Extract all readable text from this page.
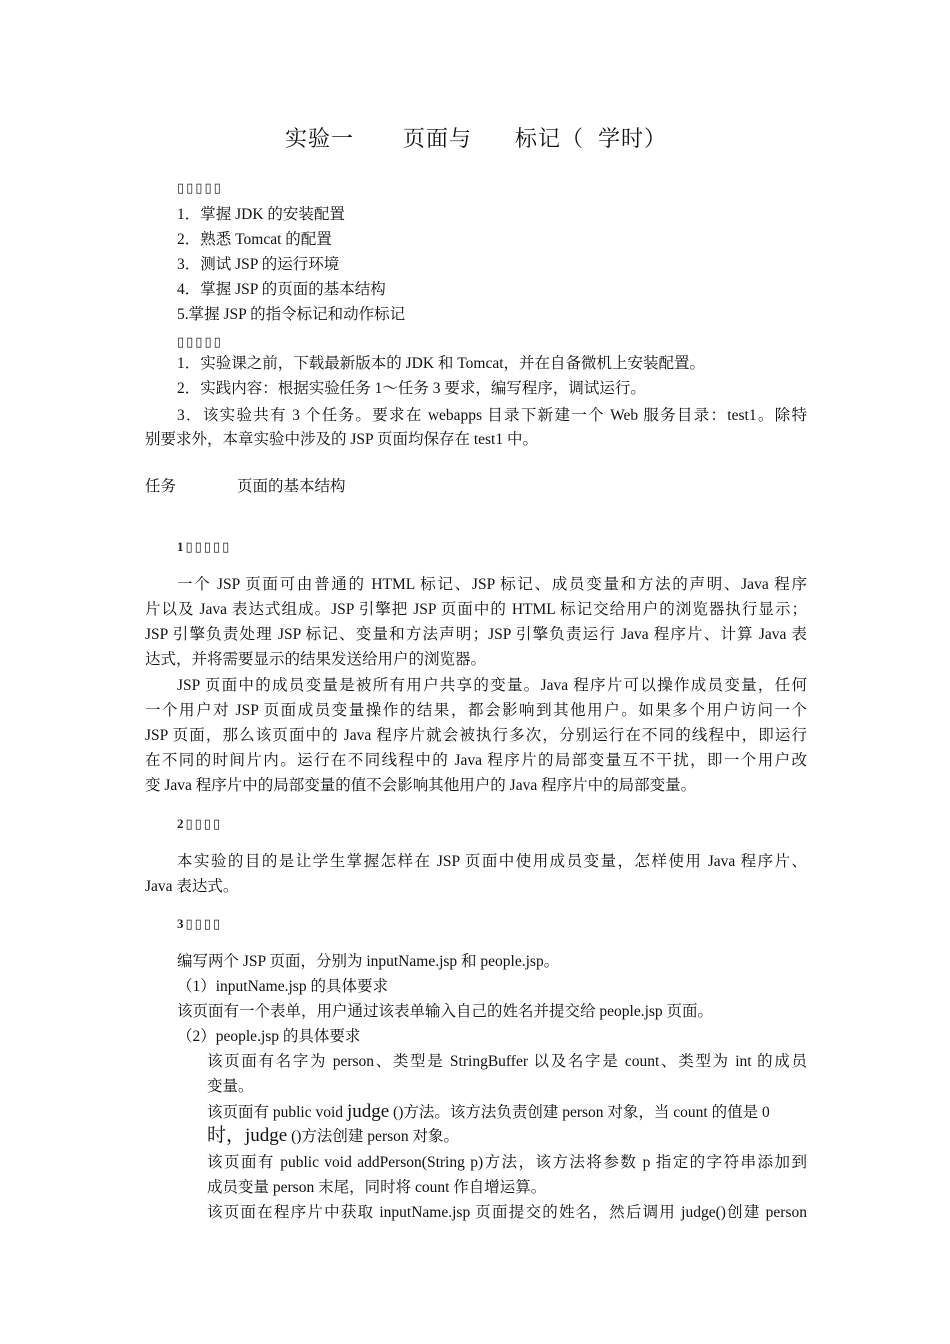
实验一 页面与 标记（ 学时）
▯▯▯▯▯
1．掌握 JDK 的安装配置
2．熟悉 Tomcat 的配置
3．测试 JSP 的运行环境
4．掌握 JSP 的页面的基本结构
5.掌握 JSP 的指令标记和动作标记
▯▯▯▯▯
1．实验课之前，下载最新版本的 JDK 和 Tomcat，并在自备微机上安装配置。
2．实践内容：根据实验任务 1～任务 3 要求，编写程序，调试运行。
3．该实验共有 3 个任务。要求在 webapps 目录下新建一个 Web 服务目录：test1。除特
别要求外，本章实验中涉及的 JSP 页面均保存在 test1 中。
任务	页面的基本结构
1▯▯▯▯▯
一个 JSP 页面可由普通的 HTML 标记、JSP 标记、成员变量和方法的声明、Java 程序
片以及 Java 表达式组成。JSP 引擎把 JSP 页面中的 HTML 标记交给用户的浏览器执行显示；
JSP 引擎负责处理 JSP 标记、变量和方法声明；JSP 引擎负责运行 Java 程序片、计算 Java 表
达式，并将需要显示的结果发送给用户的浏览器。
JSP 页面中的成员变量是被所有用户共享的变量。Java 程序片可以操作成员变量，任何
一个用户对 JSP 页面成员变量操作的结果，都会影响到其他用户。如果多个用户访问一个
JSP 页面，那么该页面中的 Java 程序片就会被执行多次，分别运行在不同的线程中，即运行
在不同的时间片内。运行在不同线程中的 Java 程序片的局部变量互不干扰，即一个用户改
变 Java 程序片中的局部变量的值不会影响其他用户的 Java 程序片中的局部变量。
2▯▯▯▯
本实验的目的是让学生掌握怎样在 JSP 页面中使用成员变量，怎样使用 Java 程序片、
Java 表达式。
3▯▯▯▯
编写两个 JSP 页面，分别为 inputName.jsp 和 people.jsp。
（1）inputName.jsp 的具体要求
该页面有一个表单，用户通过该表单输入自己的姓名并提交给 people.jsp 页面。
（2）people.jsp 的具体要求
该页面有名字为 person、类型是 StringBuffer 以及名字是 count、类型为 int 的成员
变量。
该页面有 public void judge ()方法。该方法负责创建 person 对象，当 count 的值是 0
时，judge ()方法创建 person 对象。
该页面有 public void addPerson(String p)方法，该方法将参数 p 指定的字符串添加到
成员变量 person 末尾，同时将 count 作自增运算。
该页面在程序片中获取 inputName.jsp 页面提交的姓名，然后调用 judge()创建 person
